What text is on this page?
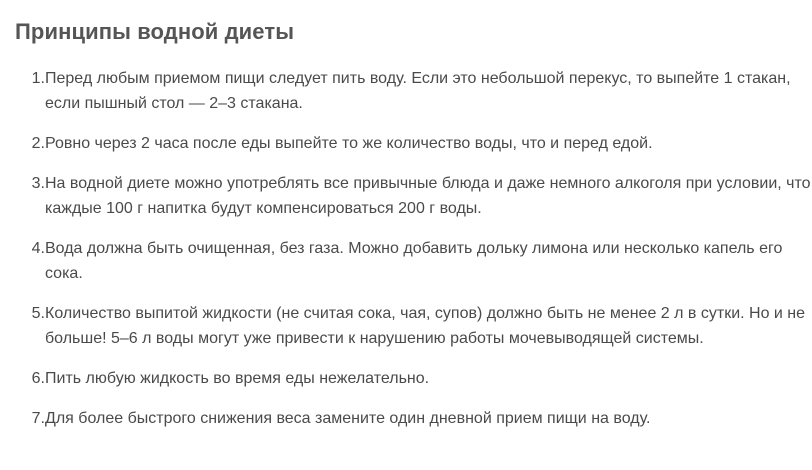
Принципы водной диеты
1. Перед любым приемом пищи следует пить воду. Если это небольшой перекус, то выпейте 1 стакан, если пышный стол — 2–3 стакана.
2. Ровно через 2 часа после еды выпейте то же количество воды, что и перед едой.
3. На водной диете можно употреблять все привычные блюда и даже немного алкоголя при условии, что каждые 100 г напитка будут компенсироваться 200 г воды.
4. Вода должна быть очищенная, без газа. Можно добавить дольку лимона или несколько капель его сока.
5. Количество выпитой жидкости (не считая сока, чая, супов) должно быть не менее 2 л в сутки. Но и не больше! 5–6 л воды могут уже привести к нарушению работы мочевыводящей системы.
6. Пить любую жидкость во время еды нежелательно.
7. Для более быстрого снижения веса замените один дневной прием пищи на воду.
